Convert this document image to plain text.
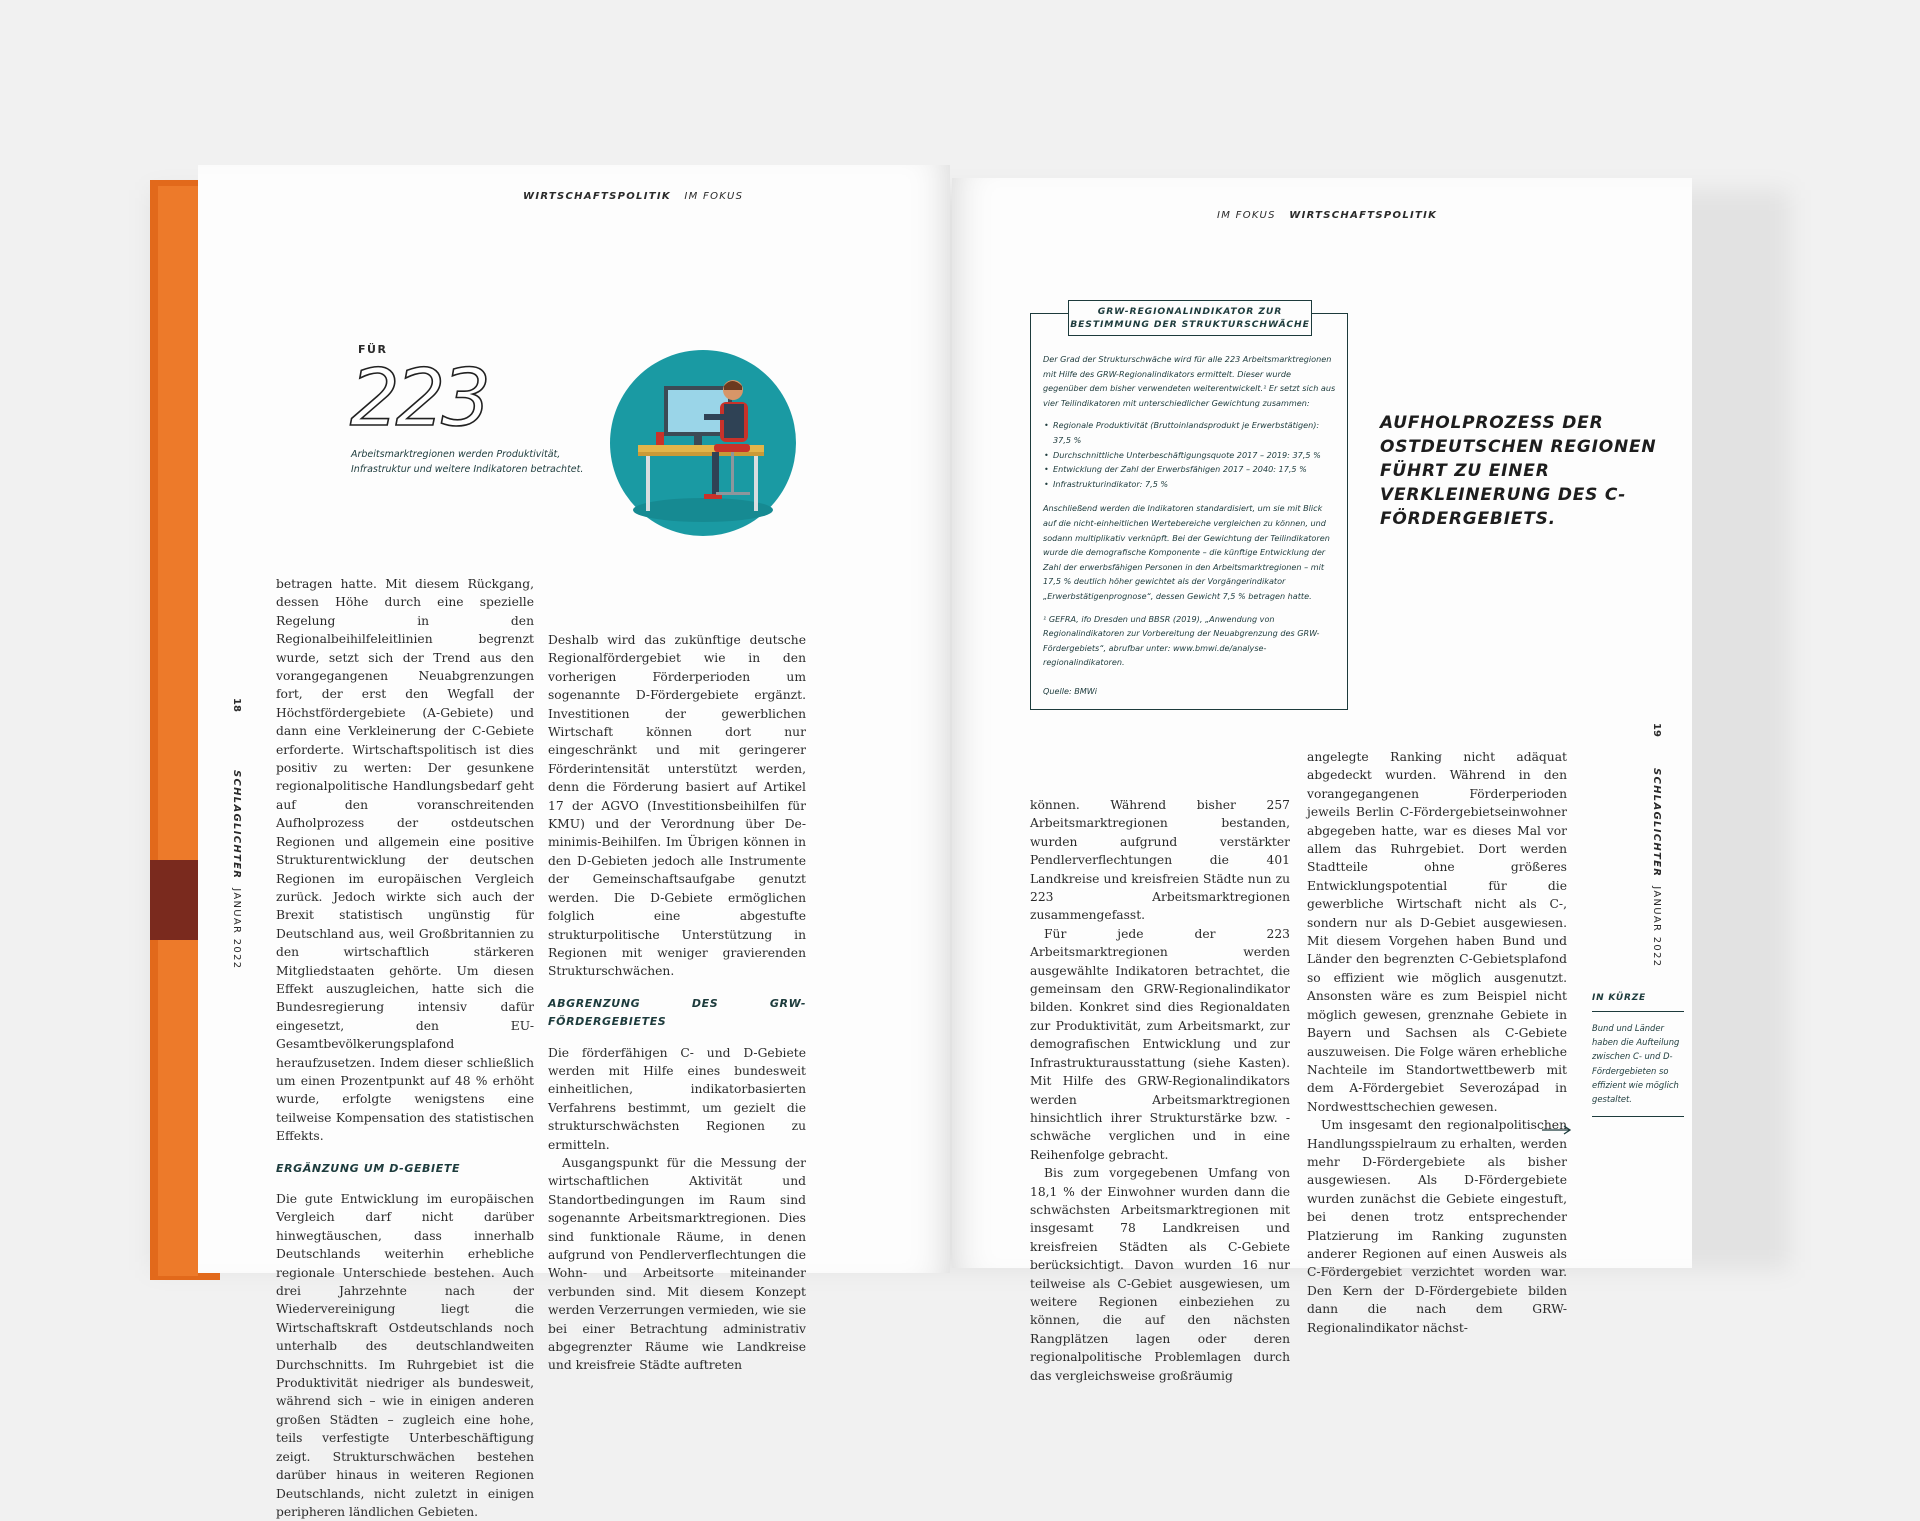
WIRTSCHAFTSPOLITIK IM FOKUS
FÜR
223
Arbeitsmarktregionen werden Produktivität,
Infrastruktur und weitere Indikatoren betrachtet.

betragen hatte. Mit diesem Rückgang, dessen Höhe durch eine spezielle Regelung in den Regionalbeihilfeleitlinien begrenzt wurde, setzt sich der Trend aus den vorangegangenen Neuabgrenzungen fort, der erst den Wegfall der Höchstfördergebiete (A-Gebiete) und dann eine Verkleinerung der C-Gebiete erforderte. Wirtschaftspolitisch ist dies positiv zu werten: Der gesunkene regionalpolitische Handlungsbedarf geht auf den voranschreitenden Aufholprozess der ostdeutschen Regionen und allgemein eine positive Strukturentwicklung der deutschen Regionen im europäischen Vergleich zurück. Jedoch wirkte sich auch der Brexit statistisch ungünstig für Deutschland aus, weil Großbritannien zu den wirtschaftlich stärkeren Mitgliedstaaten gehörte. Um diesen Effekt auszugleichen, hatte sich die Bundesregierung intensiv dafür eingesetzt, den EU-Gesamtbevölkerungsplafond heraufzusetzen. Indem dieser schließlich um einen Prozentpunkt auf 48 % erhöht wurde, erfolgte wenigstens eine teilweise Kompensation des statistischen Effekts.

ERGÄNZUNG UM D-GEBIETE

Die gute Entwicklung im europäischen Vergleich darf nicht darüber hinwegtäuschen, dass innerhalb Deutschlands weiterhin erhebliche regionale Unterschiede bestehen. Auch drei Jahrzehnte nach der Wiedervereinigung liegt die Wirtschaftskraft Ostdeutschlands noch unterhalb des deutschlandweiten Durchschnitts. Im Ruhrgebiet ist die Produktivität niedriger als bundesweit, während sich – wie in einigen anderen großen Städten – zugleich eine hohe, teils verfestigte Unterbeschäftigung zeigt. Strukturschwächen bestehen darüber hinaus in weiteren Regionen Deutschlands, nicht zuletzt in einigen peripheren ländlichen Gebieten.

Deshalb wird das zukünftige deutsche Regionalfördergebiet wie in den vorherigen Förderperioden um sogenannte D-Fördergebiete ergänzt. Investitionen der gewerblichen Wirtschaft können dort nur eingeschränkt und mit geringerer Förderintensität unterstützt werden, denn die Förderung basiert auf Artikel 17 der AGVO (Investitionsbeihilfen für KMU) und der Verordnung über De-minimis-Beihilfen. Im Übrigen können in den D-Gebieten jedoch alle Instrumente der Gemeinschaftsaufgabe genutzt werden. Die D-Gebiete ermöglichen folglich eine abgestufte strukturpolitische Unterstützung in Regionen mit weniger gravierenden Strukturschwächen.

ABGRENZUNG DES GRW-FÖRDERGEBIETES

Die förderfähigen C- und D-Gebiete werden mit Hilfe eines bundesweit einheitlichen, indikatorbasierten Verfahrens bestimmt, um gezielt die strukturschwächsten Regionen zu ermitteln.

Ausgangspunkt für die Messung der wirtschaftlichen Aktivität und Standortbedingungen im Raum sind sogenannte Arbeitsmarktregionen. Dies sind funktionale Räume, in denen aufgrund von Pendlerverflechtungen die Wohn- und Arbeitsorte miteinander verbunden sind. Mit diesem Konzept werden Verzerrungen vermieden, wie sie bei einer Betrachtung administrativ abgegrenzter Räume wie Landkreise und kreisfreie Städte auftreten

18
SCHLAGLICHTER  JANUAR 2022
IM FOKUS WIRTSCHAFTSPOLITIK
GRW-REGIONALINDIKATOR ZUR
BESTIMMUNG DER STRUKTURSCHWÄCHE

Der Grad der Strukturschwäche wird für alle 223 Arbeitsmarktregionen mit Hilfe des GRW-Regionalindikators ermittelt. Dieser wurde gegenüber dem bisher verwendeten weiterentwickelt.¹ Er setzt sich aus vier Teilindikatoren mit unterschiedlicher Gewichtung zusammen:

• Regionale Produktivität (Bruttoinlandsprodukt je Erwerbstätigen): 37,5 %
• Durchschnittliche Unterbeschäftigungsquote 2017 – 2019: 37,5 %
• Entwicklung der Zahl der Erwerbsfähigen 2017 – 2040: 17,5 %
• Infrastrukturindikator: 7,5 %

Anschließend werden die Indikatoren standardisiert, um sie mit Blick auf die nicht-einheitlichen Wertebereiche vergleichen zu können, und sodann multiplikativ verknüpft. Bei der Gewichtung der Teilindikatoren wurde die demografische Komponente – die künftige Entwicklung der Zahl der erwerbsfähigen Personen in den Arbeitsmarktregionen – mit 17,5 % deutlich höher gewichtet als der Vorgängerindikator „Erwerbstätigenprognose“, dessen Gewicht 7,5 % betragen hatte.

¹ GEFRA, ifo Dresden und BBSR (2019), „Anwendung von Regionalindikatoren zur Vorbereitung der Neuabgrenzung des GRW-Fördergebiets“, abrufbar unter: www.bmwi.de/analyse-regionalindikatoren.

Quelle: BMWi

AUFHOLPROZESS DER OSTDEUTSCHEN REGIONEN FÜHRT ZU EINER VERKLEINERUNG DES C-FÖRDERGEBIETS.

können. Während bisher 257 Arbeitsmarktregionen bestanden, wurden aufgrund verstärkter Pendlerverflechtungen die 401 Landkreise und kreisfreien Städte nun zu 223 Arbeitsmarktregionen zusammengefasst.

Für jede der 223 Arbeitsmarktregionen werden ausgewählte Indikatoren betrachtet, die gemeinsam den GRW-Regionalindikator bilden. Konkret sind dies Regionaldaten zur Produktivität, zum Arbeitsmarkt, zur demografischen Entwicklung und zur Infrastrukturausstattung (siehe Kasten). Mit Hilfe des GRW-Regionalindikators werden Arbeitsmarktregionen hinsichtlich ihrer Strukturstärke bzw. -schwäche verglichen und in eine Reihenfolge gebracht.

Bis zum vorgegebenen Umfang von 18,1 % der Einwohner wurden dann die schwächsten Arbeitsmarktregionen mit insgesamt 78 Landkreisen und kreisfreien Städten als C-Gebiete berücksichtigt. Davon wurden 16 nur teilweise als C-Gebiet ausgewiesen, um weitere Regionen einbeziehen zu können, die auf den nächsten Rangplätzen lagen oder deren regionalpolitische Problemlagen durch das vergleichsweise großräumig

angelegte Ranking nicht adäquat abgedeckt wurden. Während in den vorangegangenen Förderperioden jeweils Berlin C-Fördergebietseinwohner abgegeben hatte, war es dieses Mal vor allem das Ruhrgebiet. Dort werden Stadtteile ohne größeres Entwicklungspotential für die gewerbliche Wirtschaft nicht als C-, sondern nur als D-Gebiet ausgewiesen. Mit diesem Vorgehen haben Bund und Länder den begrenzten C-Gebietsplafond so effizient wie möglich ausgenutzt. Ansonsten wäre es zum Beispiel nicht möglich gewesen, grenznahe Gebiete in Bayern und Sachsen als C-Gebiete auszuweisen. Die Folge wären erhebliche Nachteile im Standortwettbewerb mit dem A-Fördergebiet Severozápad in Nordwesttschechien gewesen.

Um insgesamt den regionalpolitischen Handlungsspielraum zu erhalten, werden mehr D-Fördergebiete als bisher ausgewiesen. Als D-Fördergebiete wurden zunächst die Gebiete eingestuft, bei denen trotz entsprechender Platzierung im Ranking zugunsten anderer Regionen auf einen Ausweis als C-Fördergebiet verzichtet worden war. Den Kern der D-Fördergebiete bilden dann die nach dem GRW-Regionalindikator nächst-

IN KÜRZE
Bund und Länder haben die Aufteilung zwischen C- und D-Fördergebieten so effizient wie möglich gestaltet.
19
SCHLAGLICHTER  JANUAR 2022
